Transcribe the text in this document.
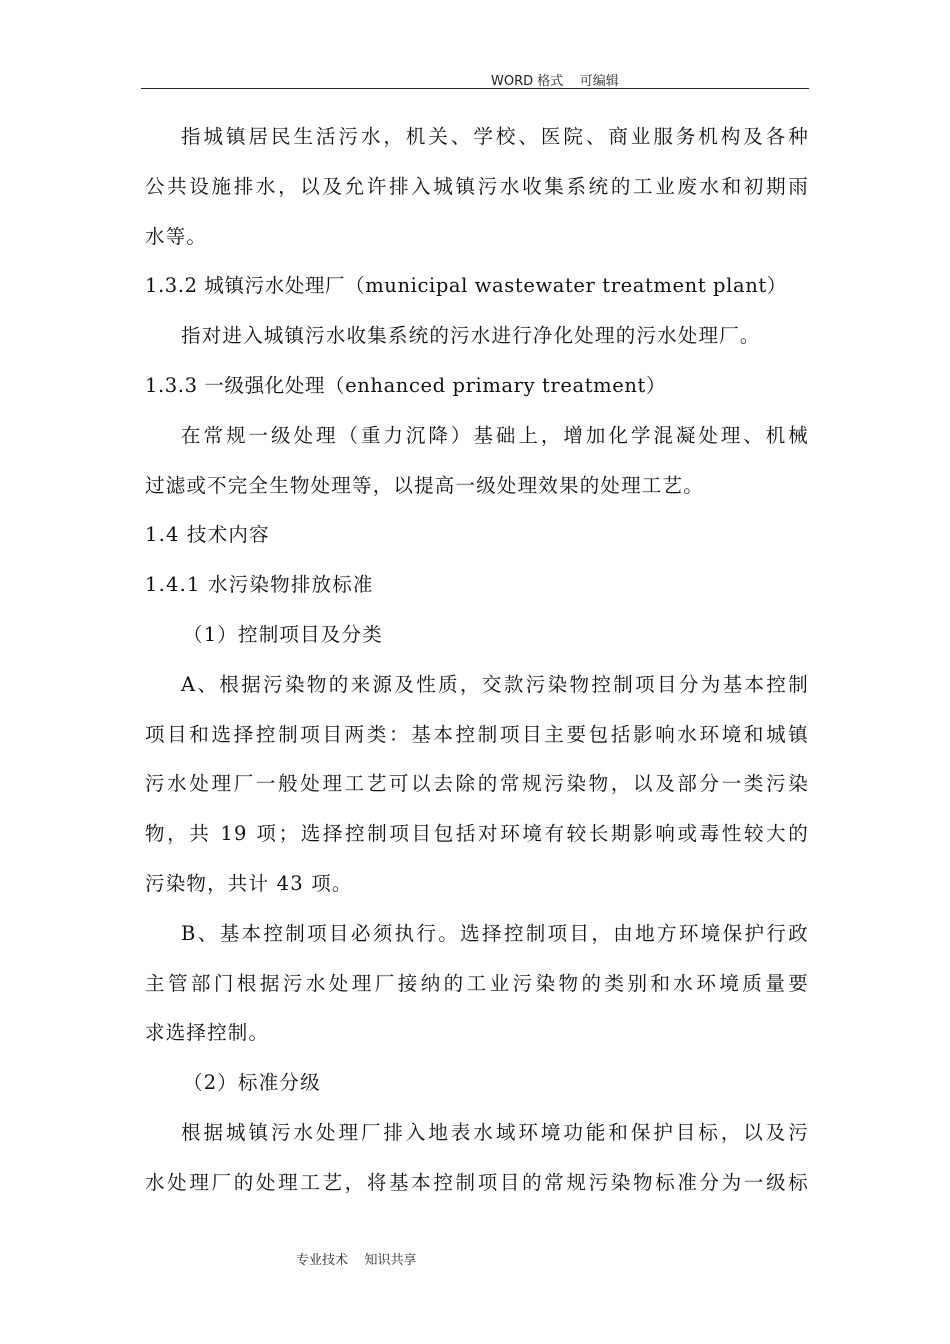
WORD 格式    可编辑
指城镇居民生活污水，机关、学校、医院、商业服务机构及各种
公共设施排水，以及允许排入城镇污水收集系统的工业废水和初期雨
水等。
1.3.2 城镇污水处理厂（municipal wastewater treatment plant）
指对进入城镇污水收集系统的污水进行净化处理的污水处理厂。
1.3.3 一级强化处理（enhanced primary treatment）
在常规一级处理（重力沉降）基础上，增加化学混凝处理、机械
过滤或不完全生物处理等，以提高一级处理效果的处理工艺。
1.4 技术内容
1.4.1 水污染物排放标准
（1）控制项目及分类
A、根据污染物的来源及性质，交款污染物控制项目分为基本控制
项目和选择控制项目两类：基本控制项目主要包括影响水环境和城镇
污水处理厂一般处理工艺可以去除的常规污染物，以及部分一类污染
物，共 19 项；选择控制项目包括对环境有较长期影响或毒性较大的
污染物，共计 43 项。
B、基本控制项目必须执行。选择控制项目，由地方环境保护行政
主管部门根据污水处理厂接纳的工业污染物的类别和水环境质量要
求选择控制。
（2）标准分级
根据城镇污水处理厂排入地表水域环境功能和保护目标，以及污
水处理厂的处理工艺，将基本控制项目的常规污染物标准分为一级标
专业技术    知识共享
